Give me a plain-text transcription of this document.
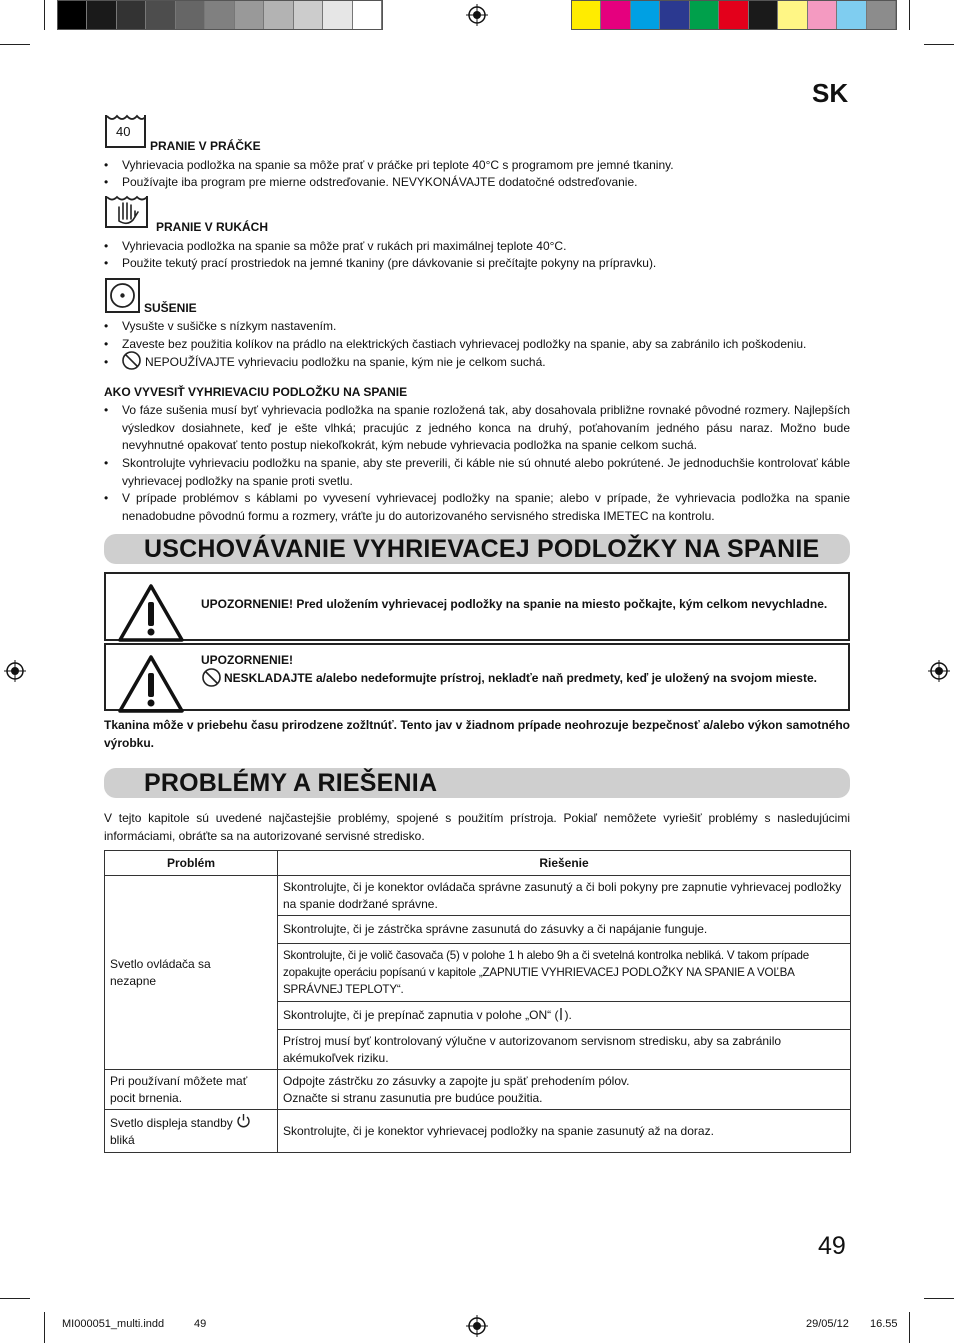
SK
40
PRANIE V PRÁČKE
• Vyhrievacia podložka na spanie sa môže prať v práčke pri teplote 40°C s programom pre jemné tkaniny.
• Používajte iba program pre mierne odstreďovanie. NEVYKONÁVAJTE dodatočné odstreďovanie.
PRANIE V RUKÁCH
• Vyhrievacia podložka na spanie sa môže prať v rukách pri maximálnej teplote 40°C.
• Použite tekutý prací prostriedok na jemné tkaniny (pre dávkovanie si prečítajte pokyny na prípravku).
SUŠENIE
• Vysušte v sušičke s nízkym nastavením.
• Zaveste bez použitia kolíkov na prádlo na elektrických častiach vyhrievacej podložky na spanie, aby sa zabránilo ich poškodeniu.
•	NEPOUŽÍVAJTE vyhrievaciu podložku na spanie, kým nie je celkom suchá.
AKO VYVESIŤ VYHRIEVACIU PODLOŽKU NA SPANIE
• Vo fáze sušenia musí byť vyhrievacia podložka na spanie rozložená tak, aby dosahovala približne rovnaké pôvodné rozmery. Najlepších výsledkov dosiahnete, keď je ešte vlhká; pracujúc z jedného konca na druhý, poťahovaním jedného pásu naraz. Možno bude nevyhnutné opakovať tento postup niekoľkokrát, kým nebude vyhrievacia podložka na spanie celkom suchá.
• Skontrolujte vyhrievaciu podložku na spanie, aby ste preverili, či káble nie sú ohnuté alebo pokrútené. Je jednoduchšie kontrolovať káble vyhrievacej podložky na spanie proti svetlu.
• V prípade problémov s káblami po vyvesení vyhrievacej podložky na spanie; alebo v prípade, že vyhrievacia podložka na spanie nenadobudne pôvodnú formu a rozmery, vráťte ju do autorizovaného servisného strediska IMETEC na kontrolu.
USCHOVÁVANIE VYHRIEVACEJ PODLOŽKY NA SPANIE
UPOZORNENIE! Pred uložením vyhrievacej podložky na spanie na miesto počkajte, kým celkom nevychladne.
UPOZORNENIE!
NESKLADAJTE a/alebo nedeformujte prístroj, nekladťe naň predmety, keď je uložený na svojom mieste.
Tkanina môže v priebehu času prirodzene zožltnúť. Tento jav v žiadnom prípade neohrozuje bezpečnosť a/alebo výkon samotného výrobku.
PROBLÉMY A RIEŠENIA
V tejto kapitole sú uvedené najčastejšie problémy, spojené s použitím prístroja. Pokiaľ nemôžete vyriešiť problémy s nasledujúcimi informáciami, obráťte sa na autorizované servisné stredisko.
Problém	Riešenie
Svetlo ovládača sa nezapne	Skontrolujte, či je konektor ovládača správne zasunutý a či boli pokyny pre zapnutie vyhrievacej podložky na spanie dodržané správne.
	Skontrolujte, či je zástrčka správne zasunutá do zásuvky a či napájanie funguje.
	Skontrolujte, či je volič časovača (5) v polohe 1 h alebo 9h a či svetelná kontrolka nebliká. V takom prípade zopakujte operáciu popísanú v kapitole „ZAPNUTIE VYHRIEVACEJ PODLOŽKY NA SPANIE A VOĽBA SPRÁVNEJ TEPLOTY“.
	Skontrolujte, či je prepínač zapnutia v polohe „ON“ ( ).
	Prístroj musí byť kontrolovaný výlučne v autorizovanom servisnom stredisku, aby sa zabránilo akémukoľvek riziku.
Pri používaní môžete mať pocit brnenia.	Odpojte zástrčku zo zásuvky a zapojte ju späť prehodením pólov.
Označte si stranu zasunutia pre budúce použitia.
Svetlo displeja standby
bliká	Skontrolujte, či je konektor vyhrievacej podložky na spanie zasunutý až na doraz.
49
MI000051_multi.indd	49	29/05/12 16.55
